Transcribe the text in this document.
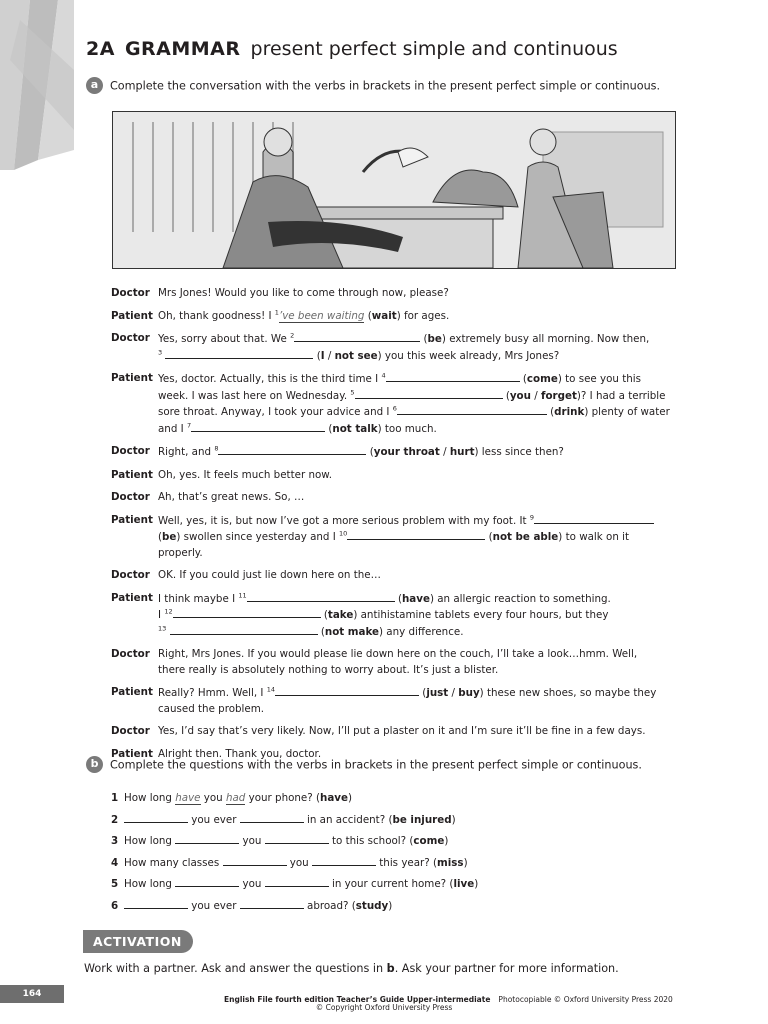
2A GRAMMAR present perfect simple and continuous
a Complete the conversation with the verbs in brackets in the present perfect simple or continuous.
Doctor Mrs Jones! Would you like to come through now, please?
Patient Oh, thank goodness! I $^1$’ve been waiting (wait) for ages.
Doctor Yes, sorry about that. We $^2$	(be) extremely busy all morning. Now then,
$^3$	(I / not see) you this week already, Mrs Jones?
Patient Yes, doctor. Actually, this is the third time I $^4$	(come) to see you this
week. I was last here on Wednesday. $^5$	(you / forget)? I had a terrible
sore throat. Anyway, I took your advice and I $^6$	(drink) plenty of water
and I $^7$	(not talk) too much.
Doctor Right, and $^8$	(your throat / hurt) less since then?
Patient Oh, yes. It feels much better now.
Doctor Ah, that’s great news. So, …
Patient Well, yes, it is, but now I’ve got a more serious problem with my foot. It $^9$
(be) swollen since yesterday and I $^{10}$	(not be able) to walk on it properly.
Doctor OK. If you could just lie down here on the…
Patient I think maybe I $^{11}$	(have) an allergic reaction to something.
I $^{12}$	(take) antihistamine tablets every four hours, but they
$^{13}$	(not make) any difference.
Doctor Right, Mrs Jones. If you would please lie down here on the couch, I’ll take a look…hmm. Well,
there really is absolutely nothing to worry about. It’s just a blister.
Patient Really? Hmm. Well, I $^{14}$	(just / buy) these new shoes, so maybe they
caused the problem.
Doctor Yes, I’d say that’s very likely. Now, I’ll put a plaster on it and I’m sure it’ll be fine in a few days.
Patient Alright then. Thank you, doctor.
b Complete the questions with the verbs in brackets in the present perfect simple or continuous.
1 How long have you had your phone? (have)
2	you ever	in an accident? (be injured)
3 How long	you	to this school? (come)
4 How many classes	you	this year? (miss)
5 How long	you	in your current home? (live)
6	you ever	abroad? (study)
ACTIVATION
Work with a partner. Ask and answer the questions in b. Ask your partner for more information.
164
English File fourth edition Teacher’s Guide Upper-intermediate Photocopiable © Oxford University Press 2020
© Copyright Oxford University Press
